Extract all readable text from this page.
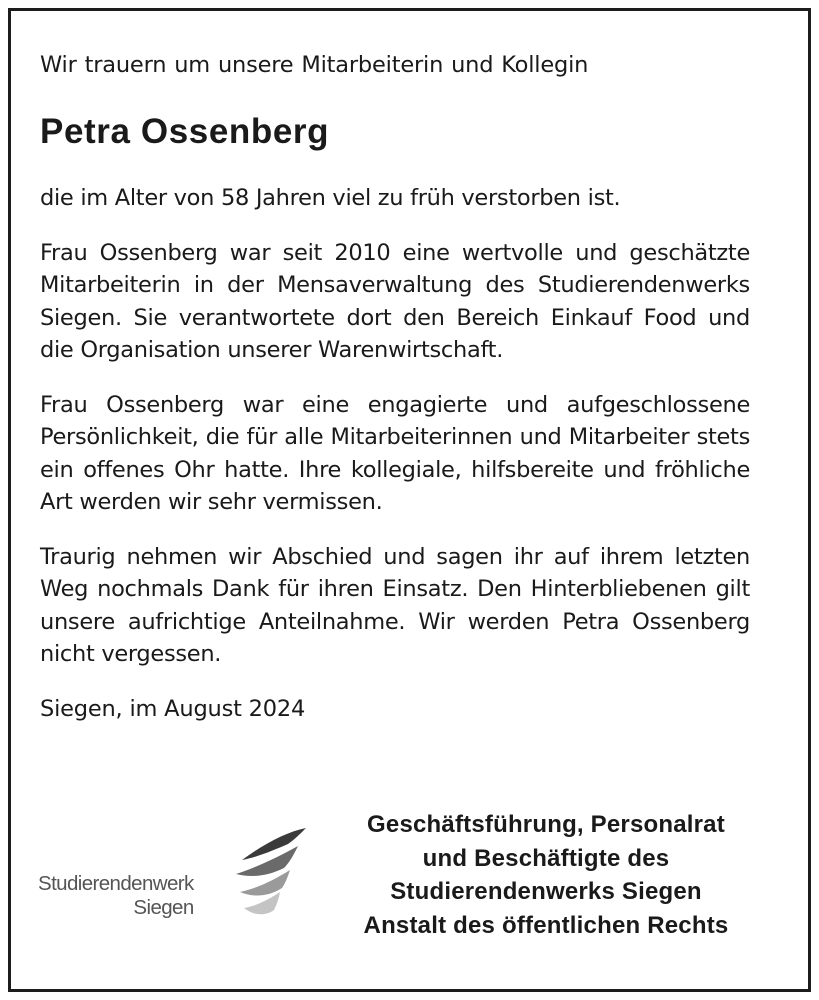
Wir trauern um unsere Mitarbeiterin und Kollegin

Petra Ossenberg

die im Alter von 58 Jahren viel zu früh verstorben ist.

Frau Ossenberg war seit 2010 eine wertvolle und geschätzte Mitarbeiterin in der Mensaverwaltung des Studierendenwerks Siegen. Sie verantwortete dort den Bereich Einkauf Food und die Organisation unserer Warenwirtschaft.

Frau Ossenberg war eine engagierte und aufgeschlossene Persönlichkeit, die für alle Mitarbeiterinnen und Mitarbeiter stets ein offenes Ohr hatte. Ihre kollegiale, hilfsbereite und fröhliche Art werden wir sehr vermissen.

Traurig nehmen wir Abschied und sagen ihr auf ihrem letzten Weg nochmals Dank für ihren Einsatz. Den Hinterbliebenen gilt unsere aufrichtige Anteilnahme. Wir werden Petra Ossenberg nicht vergessen.

Siegen, im August 2024

Studierendenwerk
Siegen
Geschäftsführung, Personalrat
und Beschäftigte des
Studierendenwerks Siegen
Anstalt des öffentlichen Rechts
